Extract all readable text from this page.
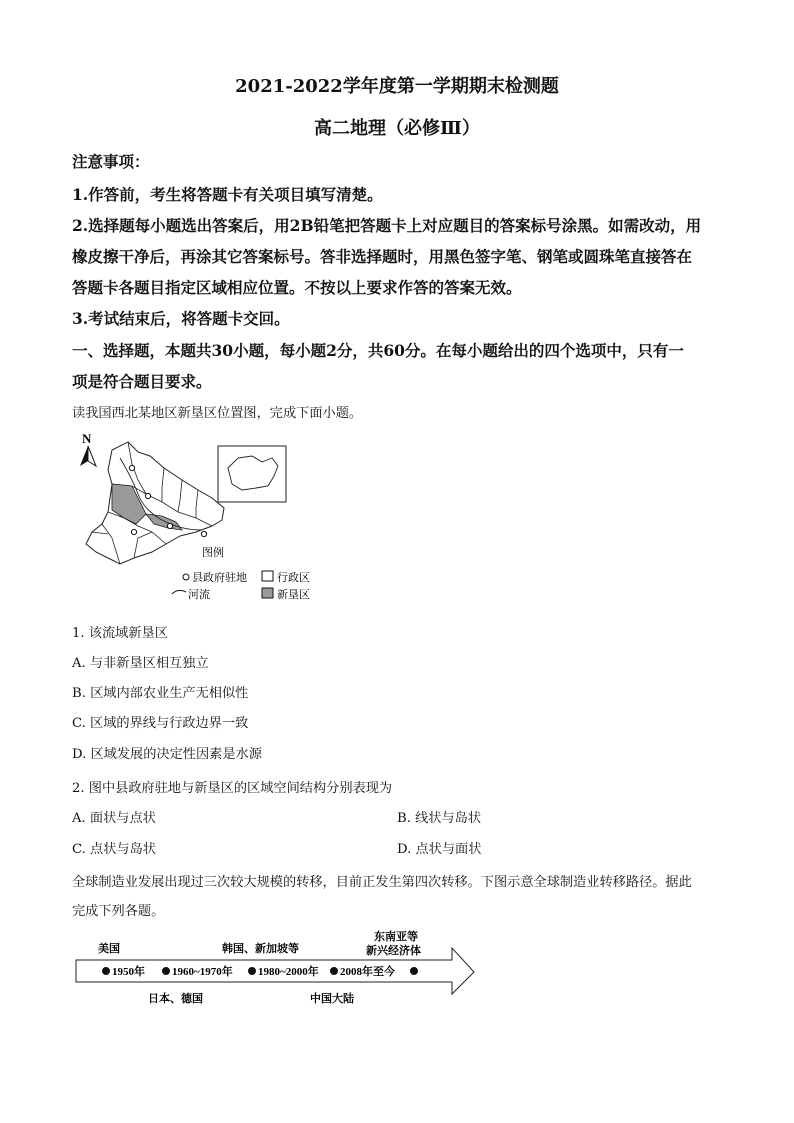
2021-2022学年度第一学期期末检测题
高二地理（必修Ⅲ）
注意事项：
1.作答前，考生将答题卡有关项目填写清楚。
2.选择题每小题选出答案后，用2B铅笔把答题卡上对应题目的答案标号涂黑。如需改动，用
橡皮擦干净后，再涂其它答案标号。答非选择题时，用黑色签字笔、钢笔或圆珠笔直接答在
答题卡各题目指定区域相应位置。不按以上要求作答的答案无效。
3.考试结束后，将答题卡交回。
一、选择题，本题共30小题，每小题2分，共60分。在每小题给出的四个选项中，只有一
项是符合题目要求。
读我国西北某地区新垦区位置图，完成下面小题。
N
图例
县政府驻地	行政区
河流	新垦区
1. 该流域新垦区
A. 与非新垦区相互独立
B. 区域内部农业生产无相似性
C. 区域的界线与行政边界一致
D. 区域发展的决定性因素是水源
2. 图中县政府驻地与新垦区的区域空间结构分别表现为
A. 面状与点状	B. 线状与岛状
C. 点状与岛状	D. 点状与面状
全球制造业发展出现过三次较大规模的转移，目前正发生第四次转移。下图示意全球制造业转移路径。据此
完成下列各题。
美国	韩国、新加坡等
东南亚等
新兴经济体
1950年 1960~1970年 1980~2000年 2008年至今
日本、德国	中国大陆
